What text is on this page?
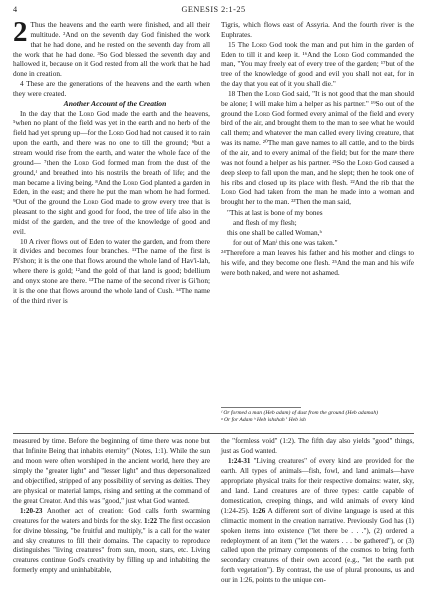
4	GENESIS 2:1-25

2 Thus the heavens and the earth were finished, and all their multitude. ²And on the seventh day God finished the work that he had done, and he rested on the seventh day from all the work that he had done. ³So God blessed the seventh day and hallowed it, because on it God rested from all the work that he had done in creation.

4 These are the generations of the heavens and the earth when they were created.

Another Account of the Creation

In the day that the Lord God made the earth and the heavens, ⁵when no plant of the field was yet in the earth and no herb of the field had yet sprung up—for the Lord God had not caused it to rain upon the earth, and there was no one to till the ground; ⁶but a stream would rise from the earth, and water the whole face of the ground— ⁷then the Lord God formed man from the dust of the ground,ᶠ and breathed into his nostrils the breath of life; and the man became a living being. ⁸And the Lord God planted a garden in Eden, in the east; and there he put the man whom he had formed. ⁹Out of the ground the Lord God made to grow every tree that is pleasant to the sight and good for food, the tree of life also in the midst of the garden, and the tree of the knowledge of good and evil.

10 A river flows out of Eden to water the garden, and from there it divides and becomes four branches. ¹¹The name of the first is Pi'shon; it is the one that flows around the whole land of Hav'i-lah, where there is gold; ¹²and the gold of that land is good; bdellium and onyx stone are there. ¹³The name of the second river is Gi'hon; it is the one that flows around the whole land of Cush. ¹⁴The name of the third river is

Tigris, which flows east of Assyria. And the fourth river is the Euphrates.

15 The Lord God took the man and put him in the garden of Eden to till it and keep it. ¹⁶And the Lord God commanded the man, "You may freely eat of every tree of the garden; ¹⁷but of the tree of the knowledge of good and evil you shall not eat, for in the day that you eat of it you shall die."

18 Then the Lord God said, "It is not good that the man should be alone; I will make him a helper as his partner." ¹⁹So out of the ground the Lord God formed every animal of the field and every bird of the air, and brought them to the man to see what he would call them; and whatever the man called every living creature, that was its name. ²⁰The man gave names to all cattle, and to the birds of the air, and to every animal of the field; but for the manᵍ there was not found a helper as his partner. ²¹So the Lord God caused a deep sleep to fall upon the man, and he slept; then he took one of his ribs and closed up its place with flesh. ²²And the rib that the Lord God had taken from the man he made into a woman and brought her to the man. ²³Then the man said,

"This at last is bone of my bones
and flesh of my flesh;
this one shall be called Woman,ʰ
for out of Manⁱ this one was taken."

²⁴Therefore a man leaves his father and his mother and clings to his wife, and they become one flesh. ²⁵And the man and his wife were both naked, and were not ashamed.

ᶠ Or formed a man (Heb adam) of dust from the ground (Heb adamah)
ᵍ Or for Adam ʰ Heb ishshah ⁱ Heb ish

measured by time. Before the beginning of time there was none but that Infinite Being that inhabits eternity" (Notes, 1:1). While the sun and moon were often worshiped in the ancient world, here they are simply the "greater light" and "lesser light" and thus depersonalized and objectified, stripped of any possibility of serving as deities. They are physical or material lamps, rising and setting at the command of the great Creator. And this was "good," just what God wanted.

1:20-23 Another act of creation: God calls forth swarming creatures for the waters and birds for the sky. 1:22 The first occasion for divine blessing, "be fruitful and multiply," is a call for the water and sky creatures to fill their domains. The capacity to reproduce distinguishes "living creatures" from sun, moon, stars, etc. Living creatures continue God's creativity by filling up and inhabiting the formerly empty and uninhabitable,

the "formless void" (1:2). The fifth day also yields "good" things, just as God wanted.

1:24-31 "Living creatures" of every kind are provided for the earth. All types of animals—fish, fowl, and land animals—have appropriate physical traits for their respective domains: water, sky, and land. Land creatures are of three types: cattle capable of domestication, creeping things, and wild animals of every kind (1:24-25). 1:26 A different sort of divine language is used at this climactic moment in the creation narrative. Previously God has (1) spoken items into existence ("let there be . . ."), (2) ordered a redeployment of an item ("let the waters . . . be gathered"), or (3) called upon the primary components of the cosmos to bring forth secondary creatures of their own accord (e.g., "let the earth put forth vegetation"). By contrast, the use of plural pronouns, us and our in 1:26, points to the unique cen-
